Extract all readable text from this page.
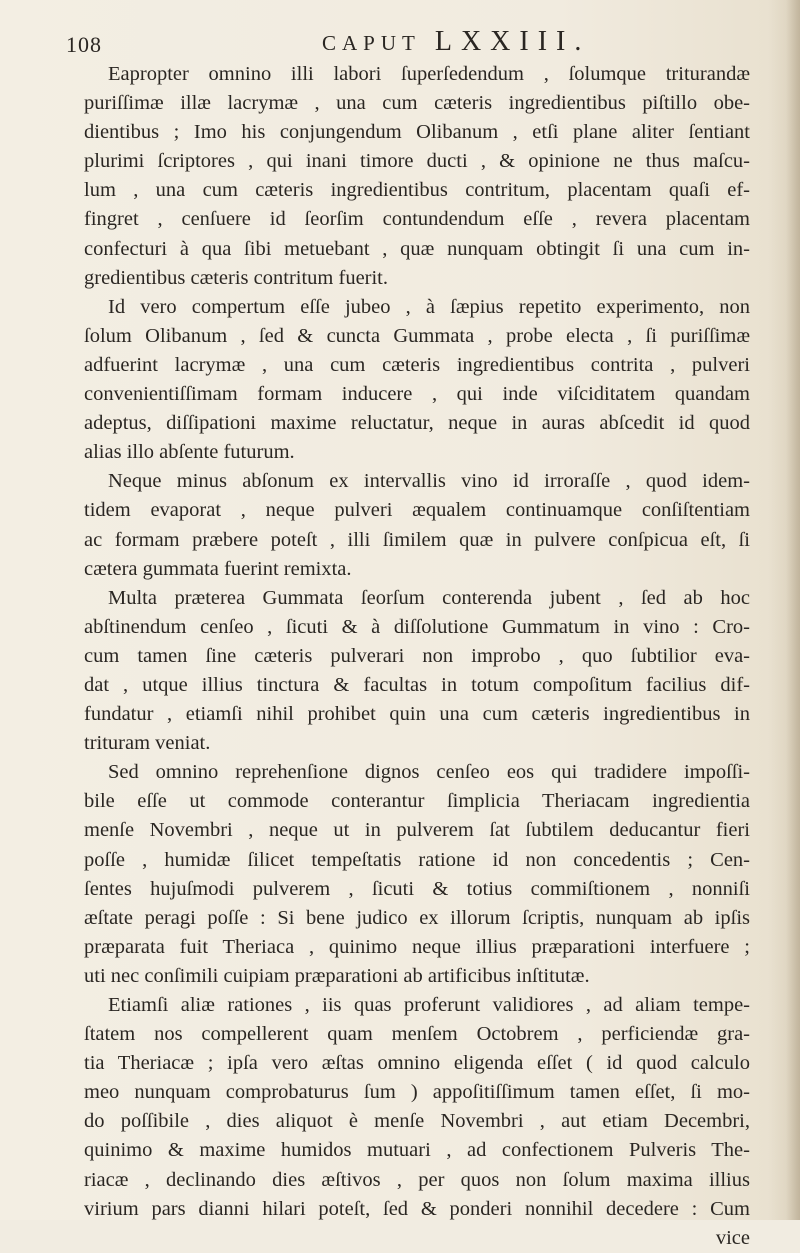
108	CAPUT LXXIII.
Eapropter omnino illi labori ſuperſedendum , ſolumque triturandæ
puriſſimæ illæ lacrymæ , una cum cæteris ingredientibus piſtillo obe-
dientibus ; Imo his conjungendum Olibanum , etſi plane aliter ſentiant
plurimi ſcriptores , qui inani timore ducti , & opinione ne thus maſcu-
lum , una cum cæteris ingredientibus contritum, placentam quaſi ef-
fingret , cenſuere id ſeorſim contundendum eſſe , revera placentam
confecturi à qua ſibi metuebant , quæ nunquam obtingit ſi una cum in-
gredientibus cæteris contritum fuerit.
Id vero compertum eſſe jubeo , à ſæpius repetito experimento, non
ſolum Olibanum , ſed & cuncta Gummata , probe electa , ſi puriſſimæ
adfuerint lacrymæ , una cum cæteris ingredientibus contrita , pulveri
convenientiſſimam formam inducere , qui inde viſciditatem quandam
adeptus, diſſipationi maxime reluctatur, neque in auras abſcedit id quod
alias illo abſente futurum.
Neque minus abſonum ex intervallis vino id irroraſſe , quod idem-
tidem evaporat , neque pulveri æqualem continuamque conſiſtentiam
ac formam præbere poteſt , illi ſimilem quæ in pulvere conſpicua eſt, ſi
cætera gummata fuerint remixta.
Multa præterea Gummata ſeorſum conterenda jubent , ſed ab hoc
abſtinendum cenſeo , ſicuti & à diſſolutione Gummatum in vino : Cro-
cum tamen ſine cæteris pulverari non improbo , quo ſubtilior eva-
dat , utque illius tinctura & facultas in totum compoſitum facilius dif-
fundatur , etiamſi nihil prohibet quin una cum cæteris ingredientibus in
trituram veniat.
Sed omnino reprehenſione dignos cenſeo eos qui tradidere impoſſi-
bile eſſe ut commode conterantur ſimplicia Theriacam ingredientia
menſe Novembri , neque ut in pulverem ſat ſubtilem deducantur fieri
poſſe , humidæ ſilicet tempeſtatis ratione id non concedentis ; Cen-
ſentes hujuſmodi pulverem , ſicuti & totius commiſtionem , nonniſi
æſtate peragi poſſe : Si bene judico ex illorum ſcriptis, nunquam ab ipſis
præparata fuit Theriaca , quinimo neque illius præparationi interfuere ;
uti nec conſimili cuipiam præparationi ab artificibus inſtitutæ.
Etiamſi aliæ rationes , iis quas proferunt validiores , ad aliam tempe-
ſtatem nos compellerent quam menſem Octobrem , perficiendæ gra-
tia Theriacæ ; ipſa vero æſtas omnino eligenda eſſet ( id quod calculo
meo nunquam comprobaturus ſum ) appoſitiſſimum tamen eſſet, ſi mo-
do poſſibile , dies aliquot è menſe Novembri , aut etiam Decembri,
quinimo & maxime humidos mutuari , ad confectionem Pulveris The-
riacæ , declinando dies æſtivos , per quos non ſolum maxima illius
virium pars dianni hilari poteſt, ſed & ponderi nonnihil decedere : Cum
vice
